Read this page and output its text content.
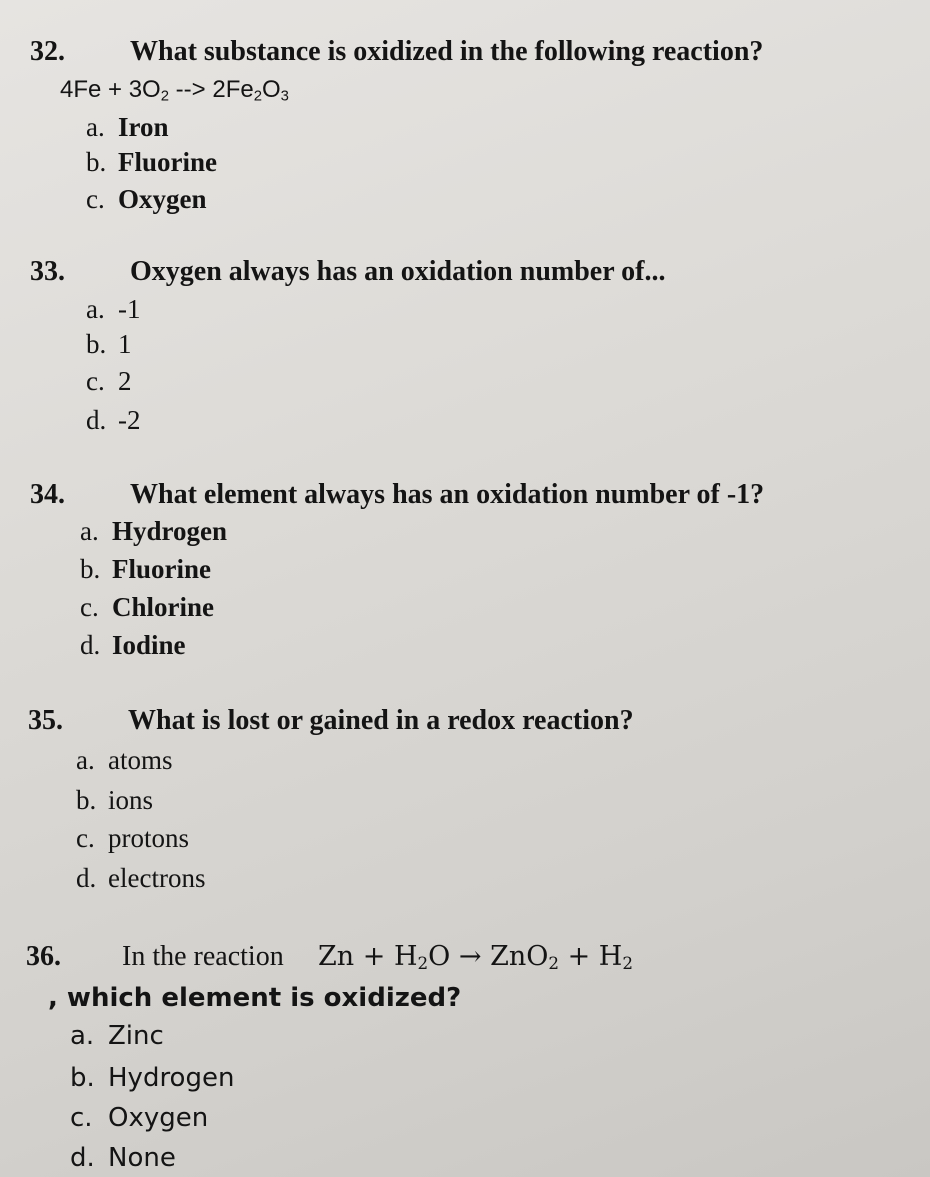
32. What substance is oxidized in the following reaction?
$4Fe + 3O_2$ --> $2Fe_2O_3$
a. Iron
b. Fluorine
c. Oxygen
33. Oxygen always has an oxidation number of...
a. -1
b. 1
c. 2
d. -2
34. What element always has an oxidation number of -1?
a. Hydrogen
b. Fluorine
c. Chlorine
d. Iodine
35. What is lost or gained in a redox reaction?
a. atoms
b. ions
c. protons
d. electrons
36. In the reaction $Zn + H_2O \to ZnO_2 + H_2$
, which element is oxidized?
a. Zinc
b. Hydrogen
c. Oxygen
d. None
